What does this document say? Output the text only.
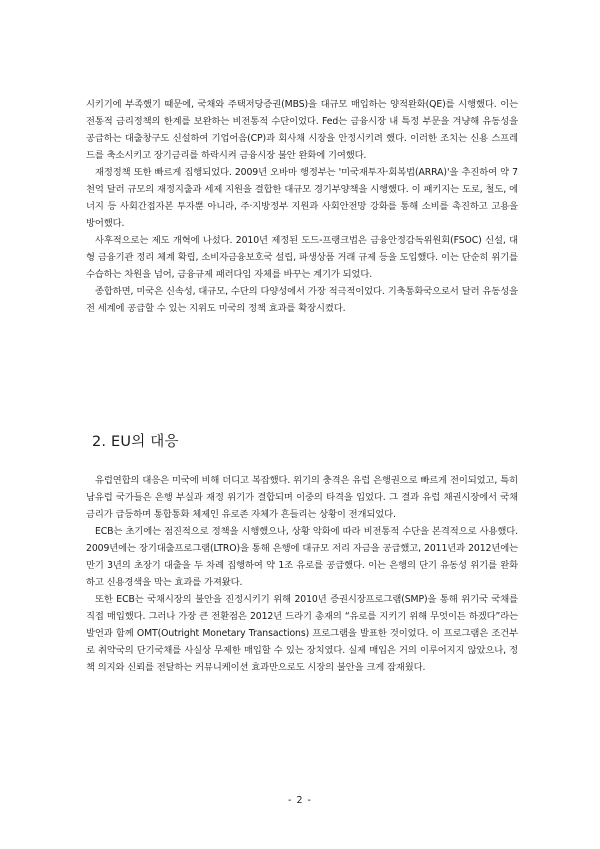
시키기에 부족했기 때문에, 국채와 주택저당증권(MBS)을 대규모 매입하는 양적완화(QE)를 시행했다. 이는 전통적 금리정책의 한계를 보완하는 비전통적 수단이었다. Fed는 금융시장 내 특정 부문을 겨냥해 유동성을 공급하는 대출창구도 신설하여 기업어음(CP)과 회사채 시장을 안정시키려 했다. 이러한 조치는 신용 스프레드를 축소시키고 장기금리를 하락시켜 금융시장 불안 완화에 기여했다.

재정정책 또한 빠르게 집행되었다. 2009년 오바마 행정부는 '미국재투자·회복법(ARRA)'을 추진하여 약 7천억 달러 규모의 재정지출과 세제 지원을 결합한 대규모 경기부양책을 시행했다. 이 패키지는 도로, 철도, 에너지 등 사회간접자본 투자뿐 아니라, 주·지방정부 지원과 사회안전망 강화를 통해 소비를 촉진하고 고용을 방어했다.

사후적으로는 제도 개혁에 나섰다. 2010년 제정된 도드-프랭크법은 금융안정감독위원회(FSOC) 신설, 대형 금융기관 정리 체계 확립, 소비자금융보호국 설립, 파생상품 거래 규제 등을 도입했다. 이는 단순히 위기를 수습하는 차원을 넘어, 금융규제 패러다임 자체를 바꾸는 계기가 되었다.

종합하면, 미국은 신속성, 대규모, 수단의 다양성에서 가장 적극적이었다. 기축통화국으로서 달러 유동성을 전 세계에 공급할 수 있는 지위도 미국의 정책 효과를 확장시켰다.

2. EU의 대응

유럽연합의 대응은 미국에 비해 더디고 복잡했다. 위기의 충격은 유럽 은행권으로 빠르게 전이되었고, 특히 남유럽 국가들은 은행 부실과 재정 위기가 결합되며 이중의 타격을 입었다. 그 결과 유럽 채권시장에서 국채 금리가 급등하며 통합통화 체제인 유로존 자체가 흔들리는 상황이 전개되었다.

ECB는 초기에는 점진적으로 정책을 시행했으나, 상황 악화에 따라 비전통적 수단을 본격적으로 사용했다. 2009년에는 장기대출프로그램(LTRO)을 통해 은행에 대규모 저리 자금을 공급했고, 2011년과 2012년에는 만기 3년의 초장기 대출을 두 차례 집행하여 약 1조 유로를 공급했다. 이는 은행의 단기 유동성 위기를 완화하고 신용경색을 막는 효과를 가져왔다.

또한 ECB는 국채시장의 불안을 진정시키기 위해 2010년 증권시장프로그램(SMP)을 통해 위기국 국채를 직접 매입했다. 그러나 가장 큰 전환점은 2012년 드라기 총재의 “유로를 지키기 위해 무엇이든 하겠다”라는 발언과 함께 OMT(Outright Monetary Transactions) 프로그램을 발표한 것이었다. 이 프로그램은 조건부로 취약국의 단기국채를 사실상 무제한 매입할 수 있는 장치였다. 실제 매입은 거의 이루어지지 않았으나, 정책 의지와 신뢰를 전달하는 커뮤니케이션 효과만으로도 시장의 불안을 크게 잠재웠다.

- 2 -
